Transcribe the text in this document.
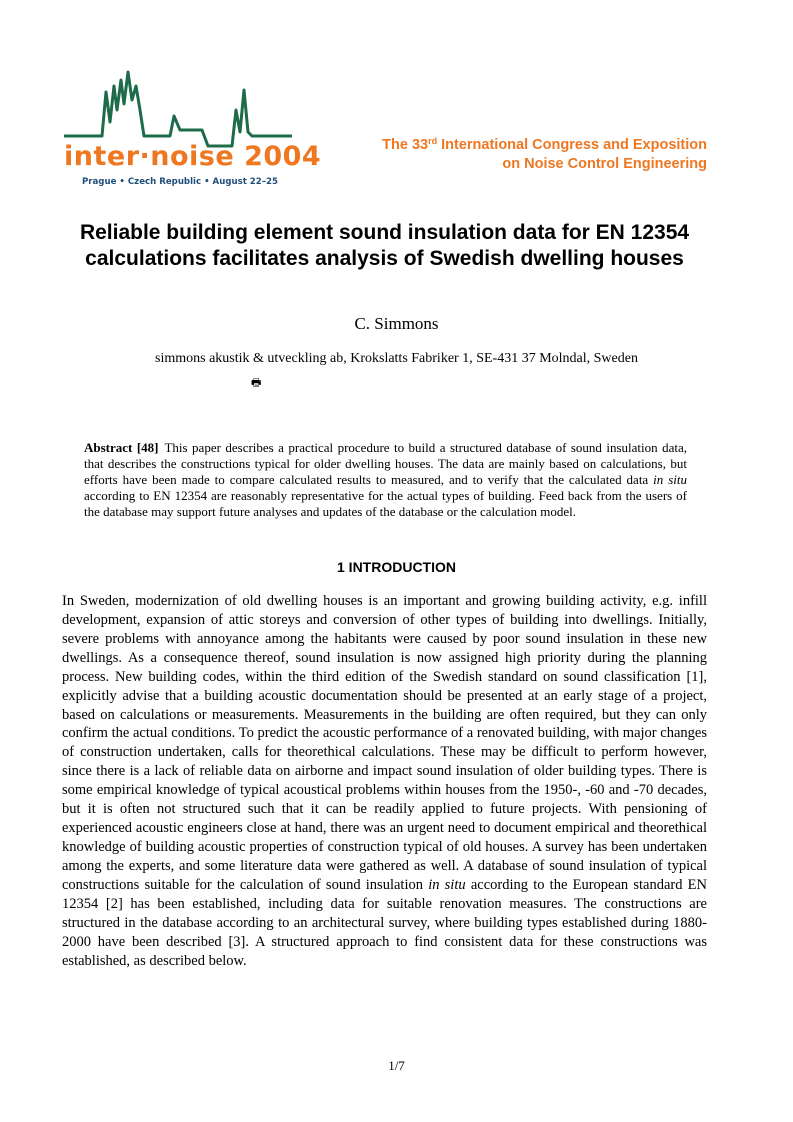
inter·noise 2004
Prague • Czech Republic • August 22–25
The 33rd International Congress and Exposition
on Noise Control Engineering
Reliable building element sound insulation data for EN 12354 calculations facilitates analysis of Swedish dwelling houses
C. Simmons
simmons akustik & utveckling ab, Krokslatts Fabriker 1, SE-431 37 Molndal, Sweden
🖶
Abstract [48] This paper describes a practical procedure to build a structured database of sound insulation data, that describes the constructions typical for older dwelling houses. The data are mainly based on calculations, but efforts have been made to compare calculated results to measured, and to verify that the calculated data in situ according to EN 12354 are reasonably representative for the actual types of building. Feed back from the users of the database may support future analyses and updates of the database or the calculation model.
1 INTRODUCTION
In Sweden, modernization of old dwelling houses is an important and growing building activity, e.g. infill development, expansion of attic storeys and conversion of other types of building into dwellings. Initially, severe problems with annoyance among the habitants were caused by poor sound insulation in these new dwellings. As a consequence thereof, sound insulation is now assigned high priority during the planning process. New building codes, within the third edition of the Swedish standard on sound classification [1], explicitly advise that a building acoustic documentation should be presented at an early stage of a project, based on calculations or measurements. Measurements in the building are often required, but they can only confirm the actual conditions. To predict the acoustic performance of a renovated building, with major changes of construction undertaken, calls for theorethical calculations. These may be difficult to perform however, since there is a lack of reliable data on airborne and impact sound insulation of older building types. There is some empirical knowledge of typical acoustical problems within houses from the 1950-, -60 and -70 decades, but it is often not structured such that it can be readily applied to future projects. With pensioning of experienced acoustic engineers close at hand, there was an urgent need to document empirical and theorethical knowledge of building acoustic properties of construction typical of old houses. A survey has been undertaken among the experts, and some literature data were gathered as well. A database of sound insulation of typical constructions suitable for the calculation of sound insulation in situ according to the European standard EN 12354 [2] has been established, including data for suitable renovation measures. The constructions are structured in the database according to an architectural survey, where building types established during 1880-2000 have been described [3]. A structured approach to find consistent data for these constructions was established, as described below.
1/7
